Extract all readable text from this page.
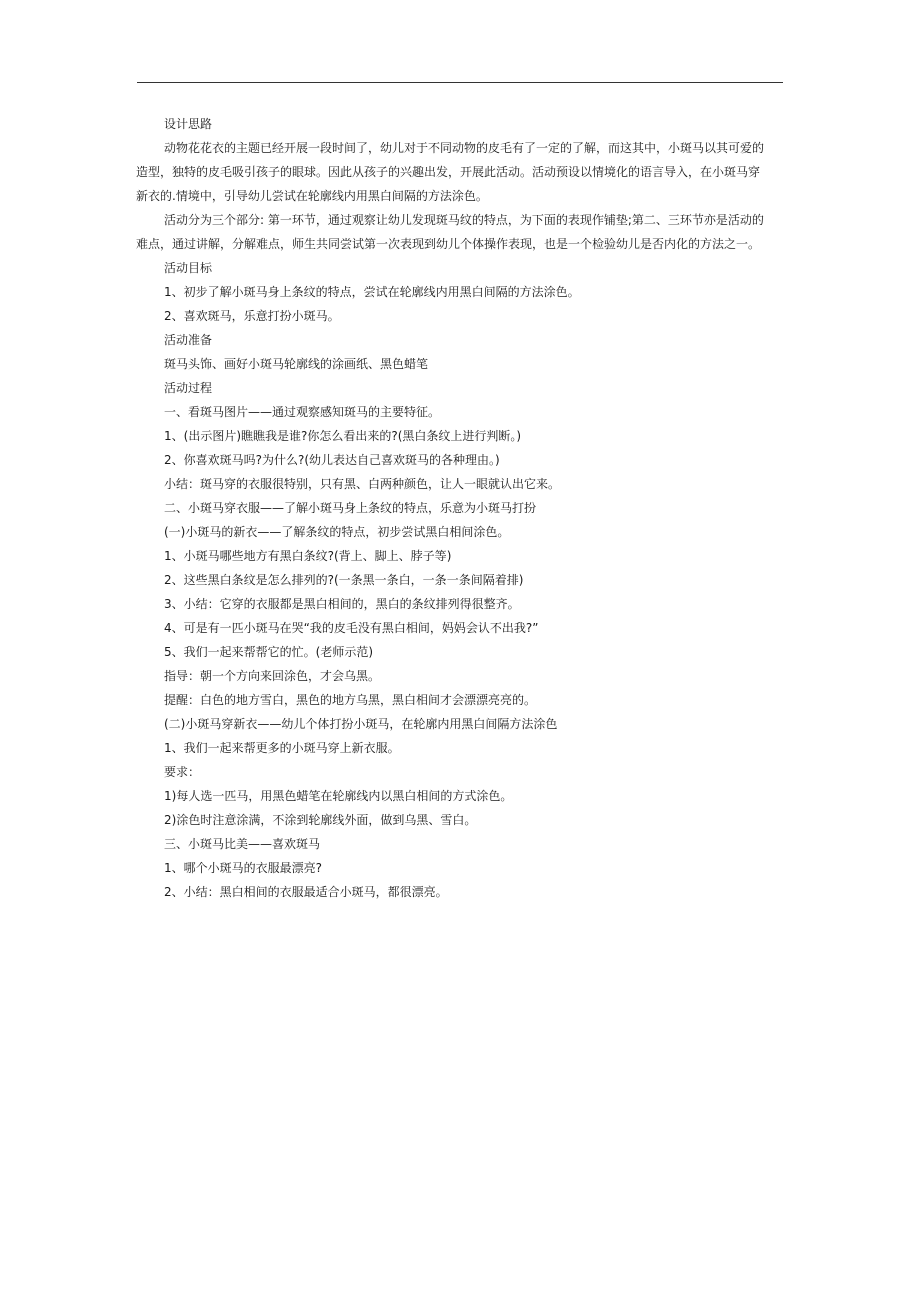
设计思路

动物花花衣的主题已经开展一段时间了，幼儿对于不同动物的皮毛有了一定的了解，而这其中，小斑马以其可爱的
造型，独特的皮毛吸引孩子的眼球。因此从孩子的兴趣出发，开展此活动。活动预设以情境化的语言导入，在小斑马穿
新衣的.情境中，引导幼儿尝试在轮廓线内用黑白间隔的方法涂色。
活动分为三个部分: 第一环节，通过观察让幼儿发现斑马纹的特点，为下面的表现作铺垫;第二、三环节亦是活动的
难点，通过讲解，分解难点，师生共同尝试第一次表现到幼儿个体操作表现，也是一个检验幼儿是否内化的方法之一。

活动目标

1、初步了解小斑马身上条纹的特点，尝试在轮廓线内用黑白间隔的方法涂色。

2、喜欢斑马，乐意打扮小斑马。

活动准备

斑马头饰、画好小斑马轮廓线的涂画纸、黑色蜡笔

活动过程

一、看斑马图片——通过观察感知斑马的主要特征。

1、(出示图片)瞧瞧我是谁?你怎么看出来的?(黑白条纹上进行判断。)

2、你喜欢斑马吗?为什么?(幼儿表达自己喜欢斑马的各种理由。)

小结：斑马穿的衣服很特别，只有黑、白两种颜色，让人一眼就认出它来。

二、小斑马穿衣服——了解小斑马身上条纹的特点，乐意为小斑马打扮

(一)小斑马的新衣——了解条纹的特点，初步尝试黑白相间涂色。

1、小斑马哪些地方有黑白条纹?(背上、脚上、脖子等)

2、这些黑白条纹是怎么排列的?(一条黑一条白，一条一条间隔着排)

3、小结：它穿的衣服都是黑白相间的，黑白的条纹排列得很整齐。

4、可是有一匹小斑马在哭“我的皮毛没有黑白相间，妈妈会认不出我?”

5、我们一起来帮帮它的忙。(老师示范)

指导：朝一个方向来回涂色，才会乌黑。

提醒：白色的地方雪白，黑色的地方乌黑，黑白相间才会漂漂亮亮的。

(二)小斑马穿新衣——幼儿个体打扮小斑马，在轮廓内用黑白间隔方法涂色

1、我们一起来帮更多的小斑马穿上新衣服。

要求：

1)每人选一匹马，用黑色蜡笔在轮廓线内以黑白相间的方式涂色。

2)涂色时注意涂满，不涂到轮廓线外面，做到乌黑、雪白。

三、小斑马比美——喜欢斑马

1、哪个小斑马的衣服最漂亮?

2、小结：黑白相间的衣服最适合小斑马，都很漂亮。
